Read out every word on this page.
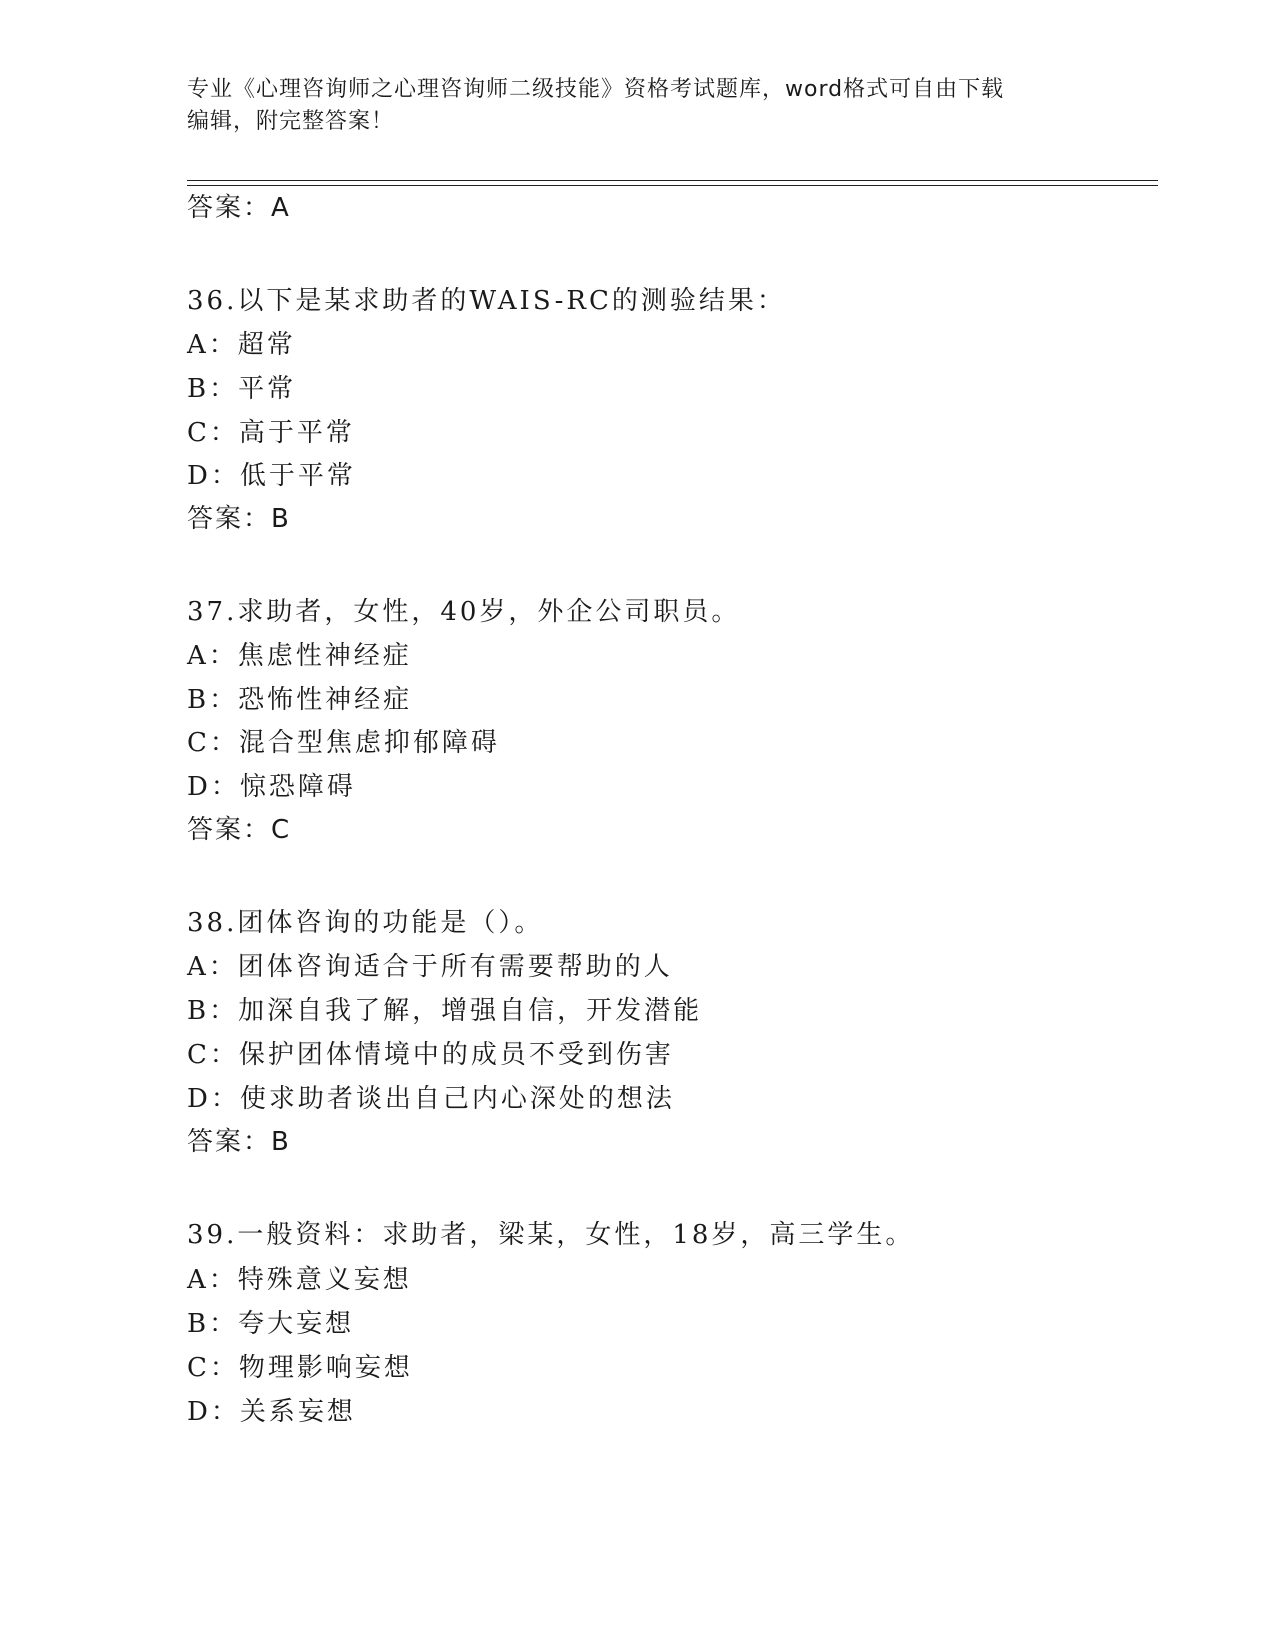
专业《心理咨询师之心理咨询师二级技能》资格考试题库，word格式可自由下载
编辑，附完整答案！
答案：A
36.以下是某求助者的WAIS-RC的测验结果：
A：超常
B：平常
C：高于平常
D：低于平常
答案：B
37.求助者，女性，40岁，外企公司职员。
A：焦虑性神经症
B：恐怖性神经症
C：混合型焦虑抑郁障碍
D：惊恐障碍
答案：C
38.团体咨询的功能是（）。
A：团体咨询适合于所有需要帮助的人
B：加深自我了解，增强自信，开发潜能
C：保护团体情境中的成员不受到伤害
D：使求助者谈出自己内心深处的想法
答案：B
39.一般资料：求助者，梁某，女性，18岁，高三学生。
A：特殊意义妄想
B：夸大妄想
C：物理影响妄想
D：关系妄想
